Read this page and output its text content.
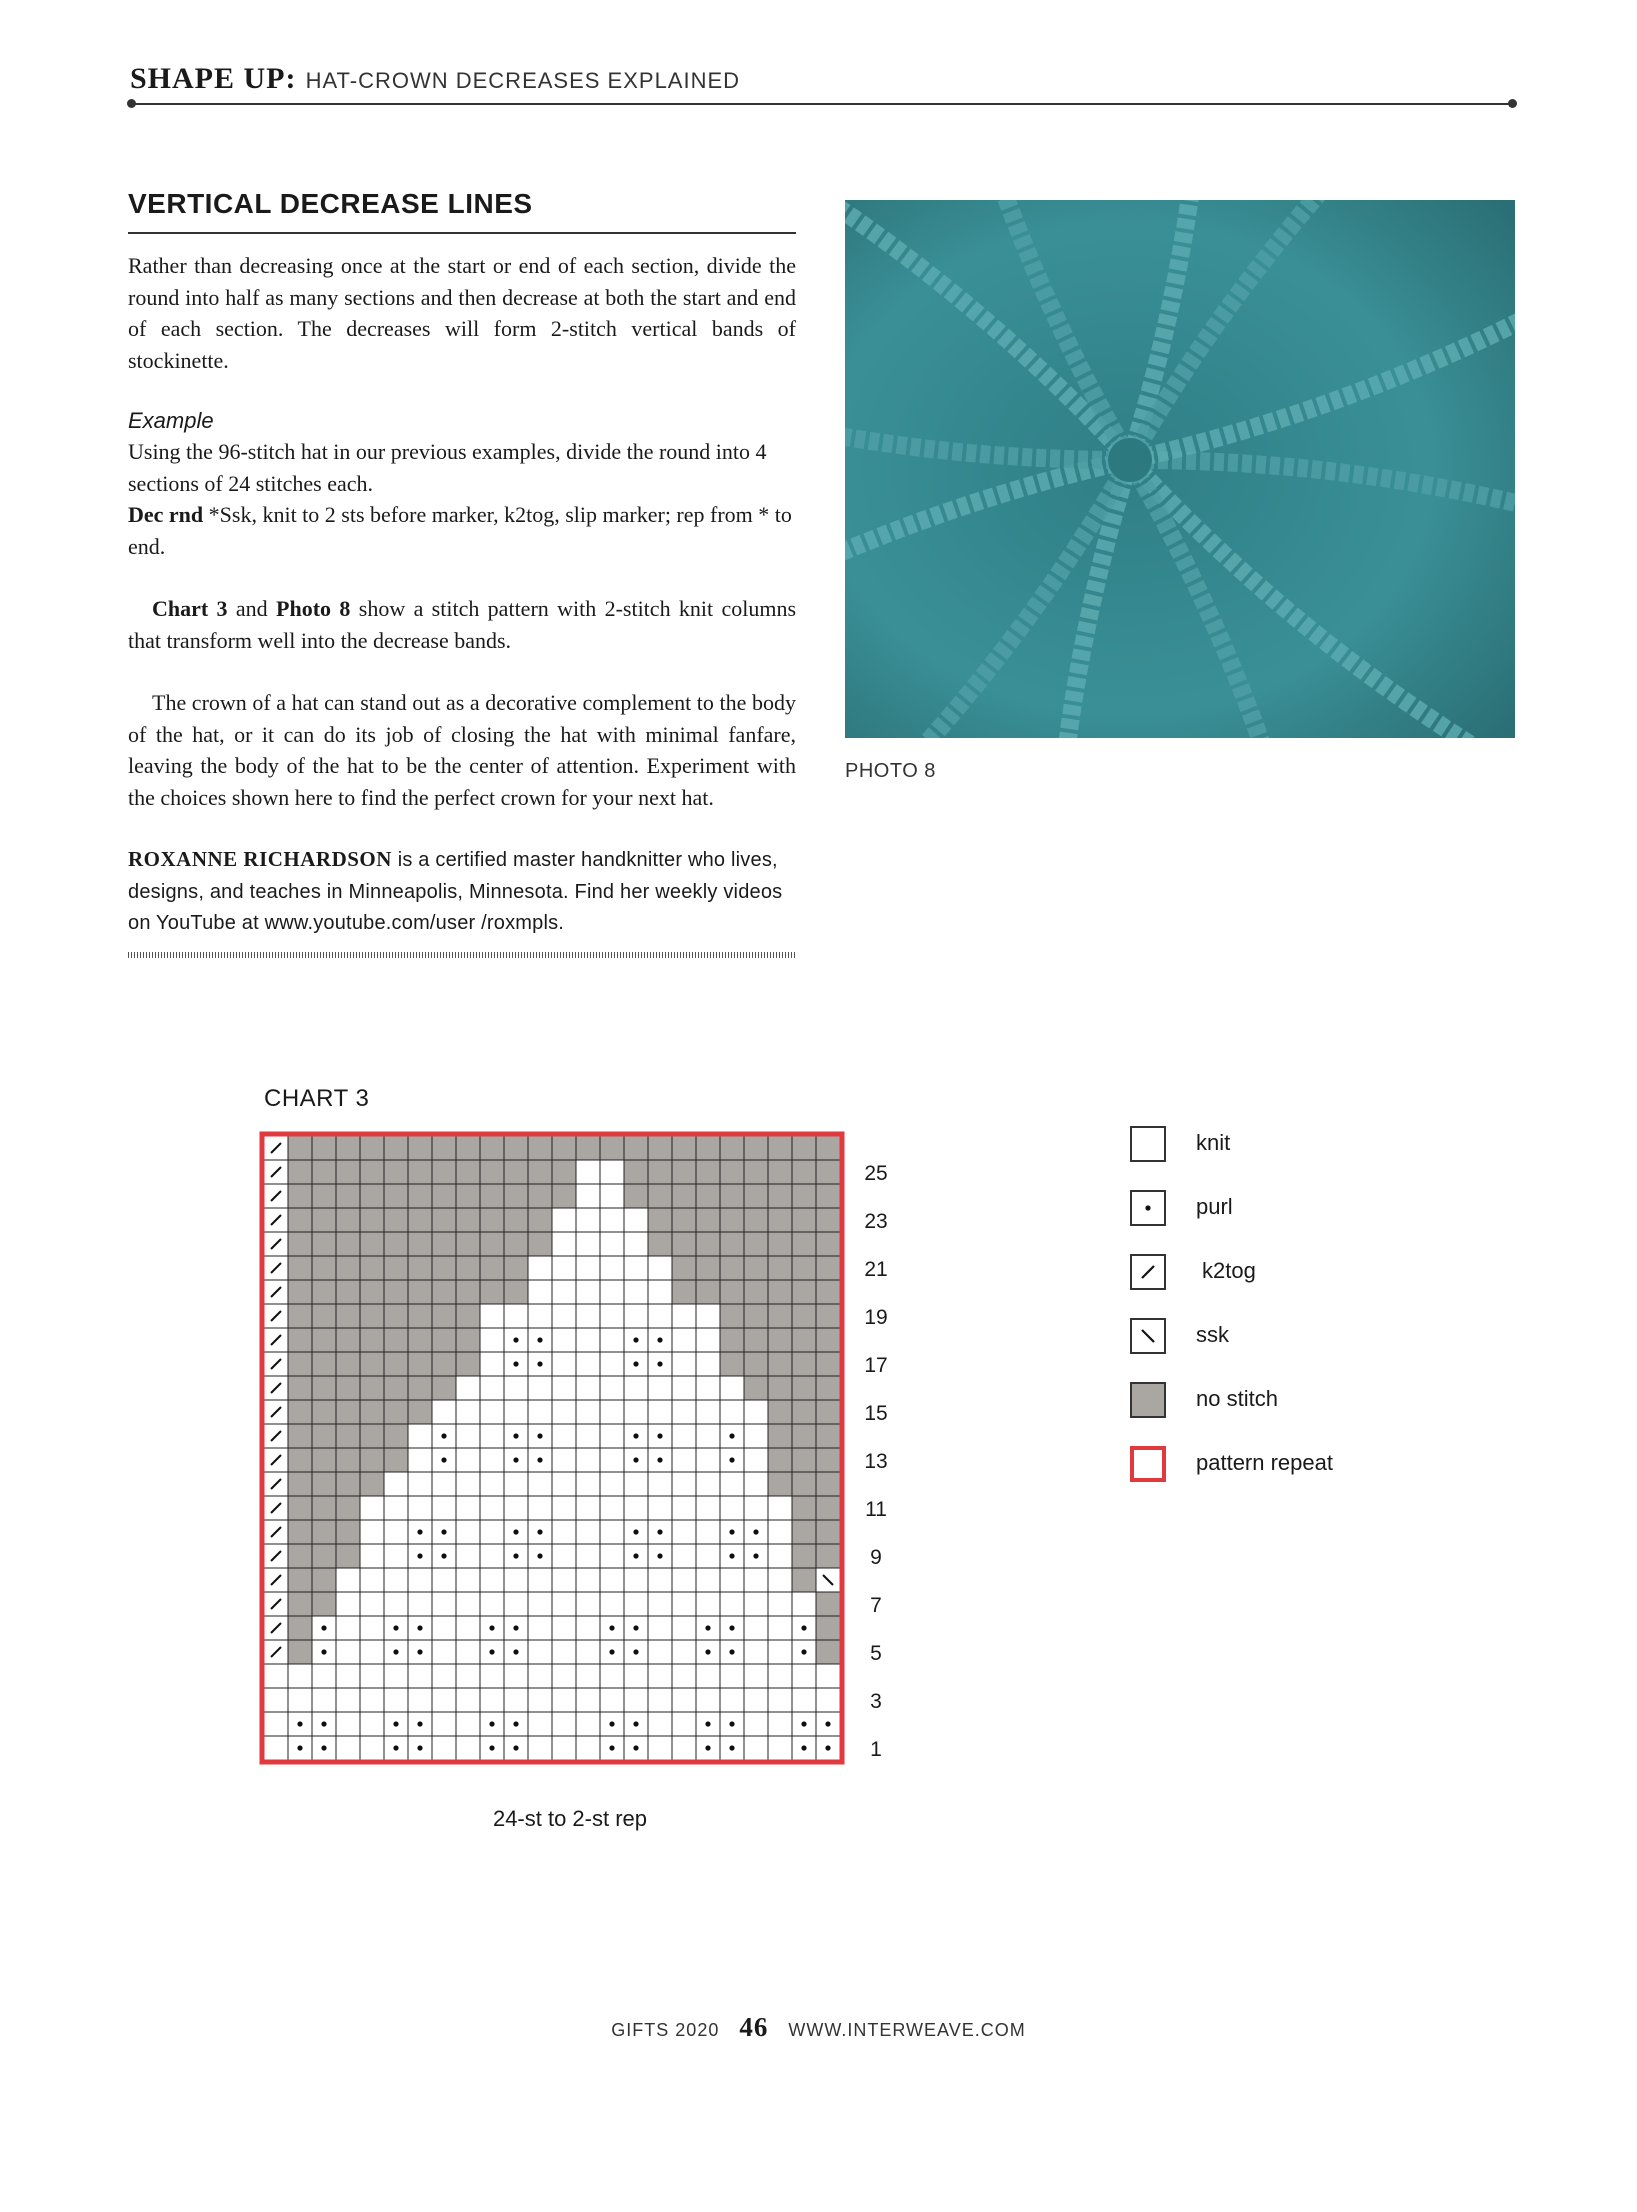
SHAPE UP: HAT-CROWN DECREASES EXPLAINED
VERTICAL DECREASE LINES

Rather than decreasing once at the start or end of each section, divide the round into half as many sections and then decrease at both the start and end of each section. The decreases will form 2-stitch vertical bands of stockinette.

Example

Using the 96-stitch hat in our previous examples, divide the round into 4 sections of 24 stitches each.
Dec rnd *Ssk, knit to 2 sts before marker, k2tog, slip marker; rep from * to end.

Chart 3 and Photo 8 show a stitch pattern with 2-stitch knit columns that transform well into the decrease bands.

The crown of a hat can stand out as a decorative complement to the body of the hat, or it can do its job of closing the hat with minimal fanfare, leaving the body of the hat to be the center of attention. Experiment with the choices shown here to find the perfect crown for your next hat.

ROXANNE RICHARDSON is a certified master handknitter who lives, designs, and teaches in Minneapolis, Minnesota. Find her weekly videos on YouTube at www.youtube.com/user /roxmpls.
PHOTO 8
CHART 3
25
23
21
19
17
15
13
11
9
7
5
3
1
24-st to 2-st rep
knit
purl
k2tog
ssk
no stitch
pattern repeat
GIFTS 2020 46 WWW.INTERWEAVE.COM
